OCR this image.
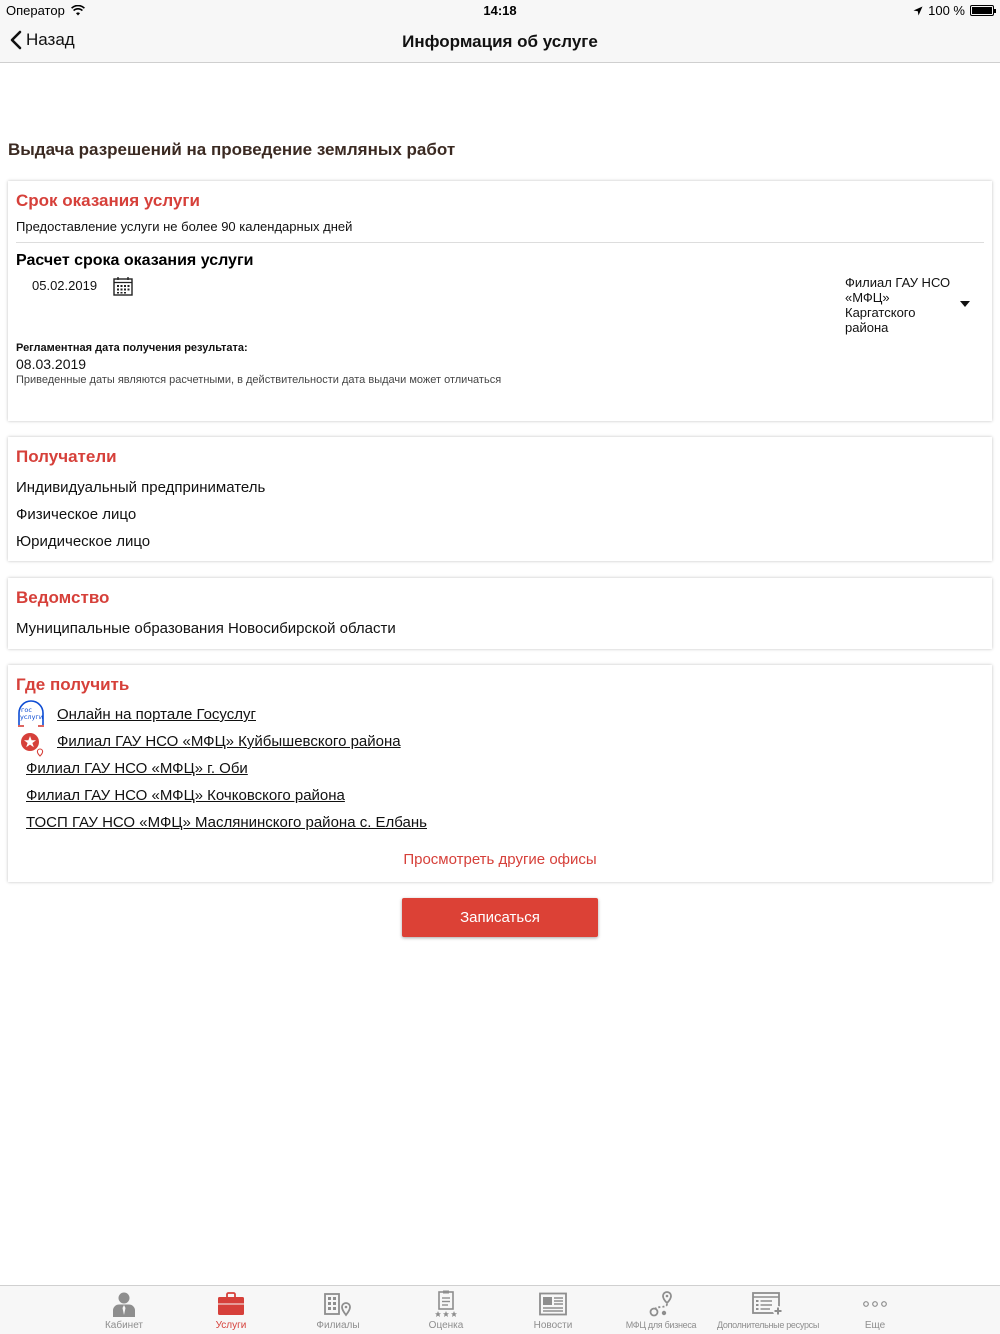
Оператор	14:18	100 %
Назад	Информация об услуге
Выдача разрешений на проведение земляных работ
Срок оказания услуги
Предоставление услуги не более 90 календарных дней
Расчет срока оказания услуги
05.02.2019	Филиал ГАУ НСО
«МФЦ»
Каргатского
района
Регламентная дата получения результата:
08.03.2019
Приведенные даты являются расчетными, в действительности дата выдачи может отличаться
Получатели
Индивидуальный предприниматель
Физическое лицо
Юридическое лицо
Ведомство
Муниципальные образования Новосибирской области
Где получить
гос
услуги Онлайн на портале Госуслуг
Филиал ГАУ НСО «МФЦ» Куйбышевского района
Филиал ГАУ НСО «МФЦ» г. Оби
Филиал ГАУ НСО «МФЦ» Кочковского района
ТОСП ГАУ НСО «МФЦ» Маслянинского района с. Елбань
Просмотреть другие офисы
Записаться
Кабинет	Услуги	Филиалы	Оценка	Новости	МФЦ для бизнеса	Дополнительные ресурсы	Еще
